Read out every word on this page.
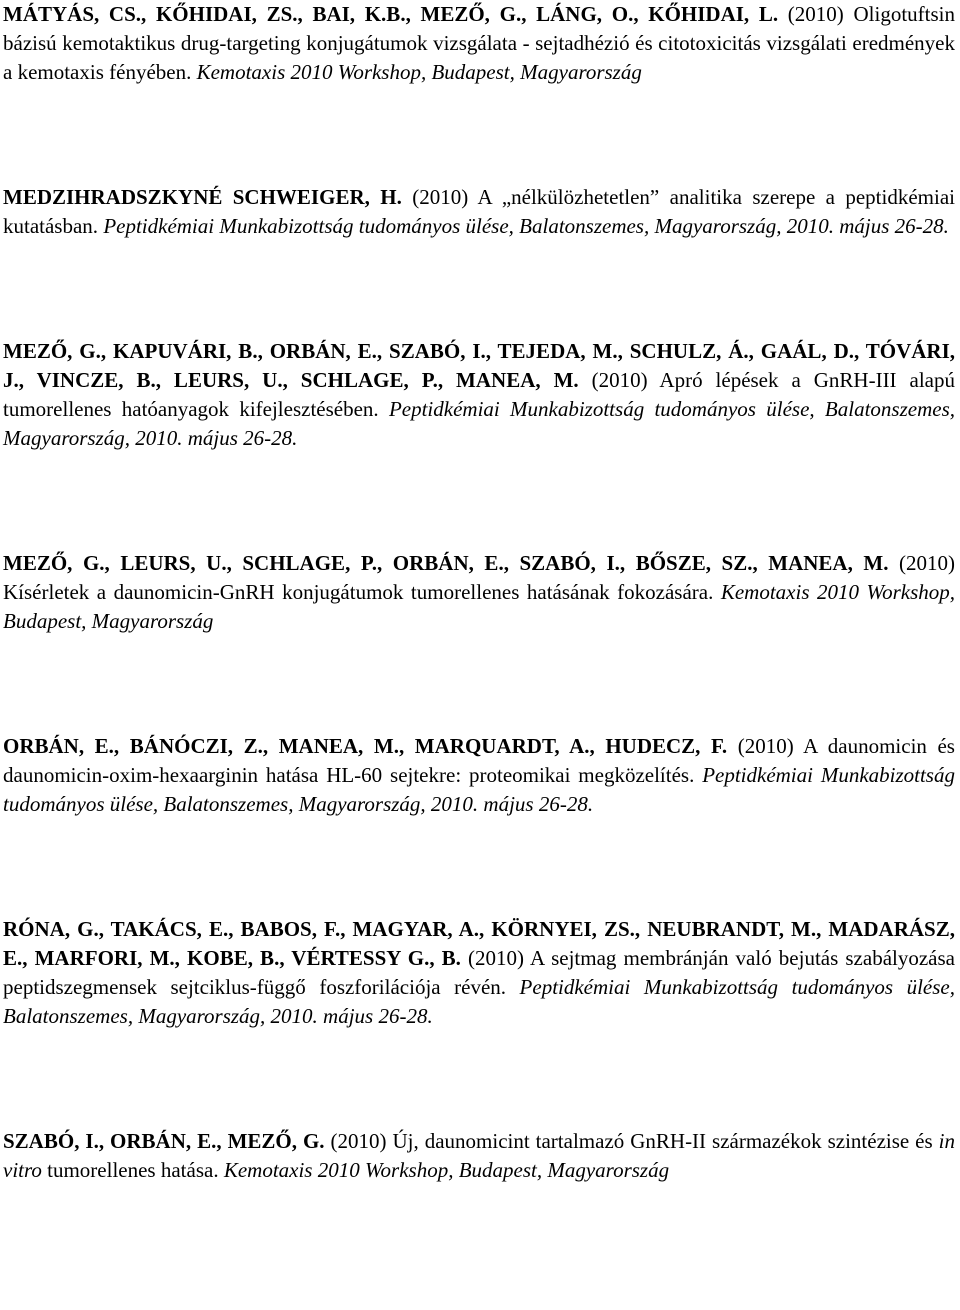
MÁTYÁS, CS., KŐHIDAI, ZS., BAI, K.B., MEZŐ, G., LÁNG, O., KŐHIDAI, L. (2010) Oligotuftsin bázisú kemotaktikus drug-targeting konjugátumok vizsgálata - sejtadhézió és citotoxicitás vizsgálati eredmények a kemotaxis fényében. Kemotaxis 2010 Workshop, Budapest, Magyarország

MEDZIHRADSZKYNÉ SCHWEIGER, H. (2010) A „nélkülözhetetlen” analitika szerepe a peptidkémiai kutatásban. Peptidkémiai Munkabizottság tudományos ülése, Balatonszemes, Magyarország, 2010. május 26-28.

MEZŐ, G., KAPUVÁRI, B., ORBÁN, E., SZABÓ, I., TEJEDA, M., SCHULZ, Á., GAÁL, D., TÓVÁRI, J., VINCZE, B., LEURS, U., SCHLAGE, P., MANEA, M. (2010) Apró lépések a GnRH-III alapú tumorellenes hatóanyagok kifejlesztésében. Peptidkémiai Munkabizottság tudományos ülése, Balatonszemes, Magyarország, 2010. május 26-28.

MEZŐ, G., LEURS, U., SCHLAGE, P., ORBÁN, E., SZABÓ, I., BŐSZE, SZ., MANEA, M. (2010) Kísérletek a daunomicin-GnRH konjugátumok tumorellenes hatásának fokozására. Kemotaxis 2010 Workshop, Budapest, Magyarország

ORBÁN, E., BÁNÓCZI, Z., MANEA, M., MARQUARDT, A., HUDECZ, F. (2010) A daunomicin és daunomicin-oxim-hexaarginin hatása HL-60 sejtekre: proteomikai megközelítés. Peptidkémiai Munkabizottság tudományos ülése, Balatonszemes, Magyarország, 2010. május 26-28.

RÓNA, G., TAKÁCS, E., BABOS, F., MAGYAR, A., KÖRNYEI, ZS., NEUBRANDT, M., MADARÁSZ, E., MARFORI, M., KOBE, B., VÉRTESSY G., B. (2010) A sejtmag membránján való bejutás szabályozása peptidszegmensek sejtciklus-függő foszforilációja révén. Peptidkémiai Munkabizottság tudományos ülése, Balatonszemes, Magyarország, 2010. május 26-28.

SZABÓ, I., ORBÁN, E., MEZŐ, G. (2010) Új, daunomicint tartalmazó GnRH-II származékok szintézise és in vitro tumorellenes hatása. Kemotaxis 2010 Workshop, Budapest, Magyarország
